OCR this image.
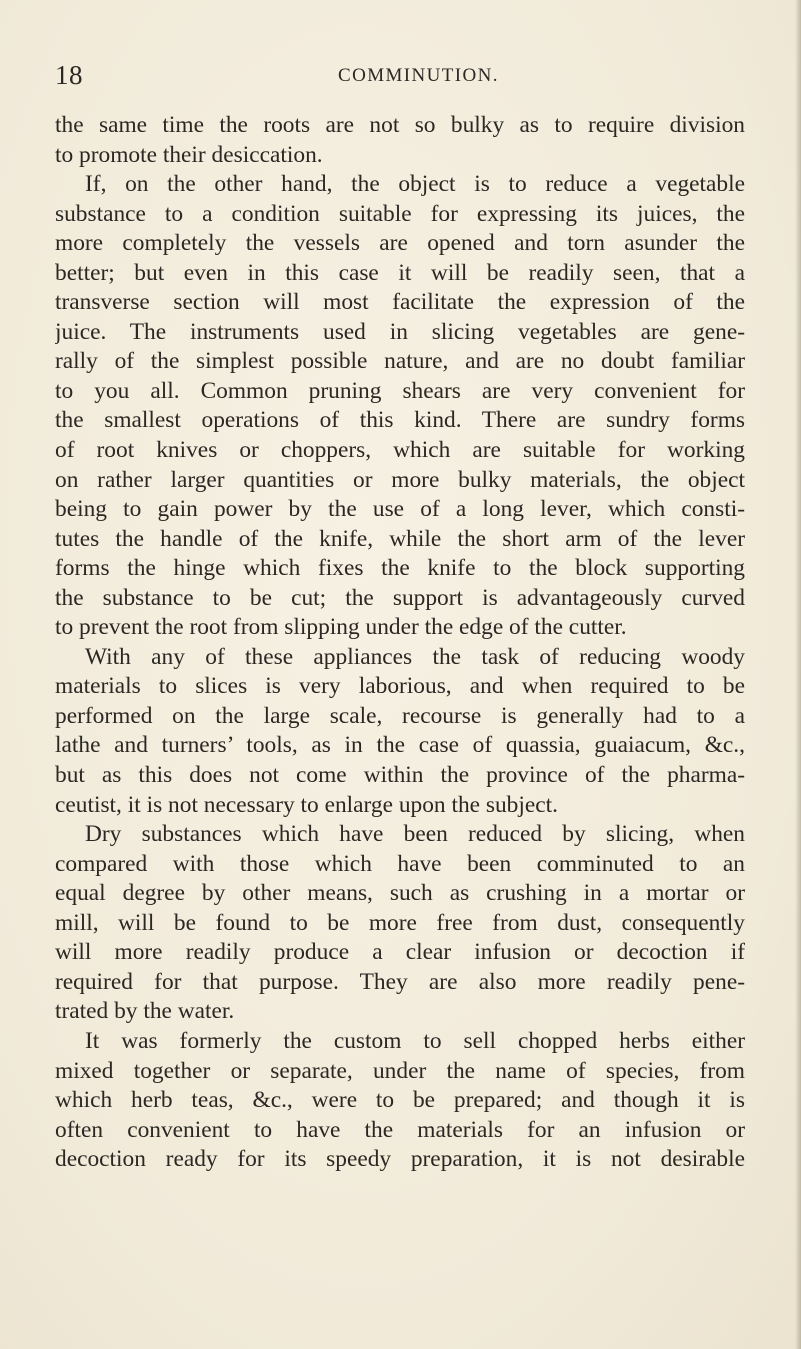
18	COMMINUTION.
the same time the roots are not so bulky as to require division
to promote their desiccation.
If, on the other hand, the object is to reduce a vegetable
substance to a condition suitable for expressing its juices, the
more completely the vessels are opened and torn asunder the
better; but even in this case it will be readily seen, that a
transverse section will most facilitate the expression of the
juice. The instruments used in slicing vegetables are gene-
rally of the simplest possible nature, and are no doubt familiar
to you all. Common pruning shears are very convenient for
the smallest operations of this kind. There are sundry forms
of root knives or choppers, which are suitable for working
on rather larger quantities or more bulky materials, the object
being to gain power by the use of a long lever, which consti-
tutes the handle of the knife, while the short arm of the lever
forms the hinge which fixes the knife to the block supporting
the substance to be cut; the support is advantageously curved
to prevent the root from slipping under the edge of the cutter.
With any of these appliances the task of reducing woody
materials to slices is very laborious, and when required to be
performed on the large scale, recourse is generally had to a
lathe and turners’ tools, as in the case of quassia, guaiacum, &c.,
but as this does not come within the province of the pharma-
ceutist, it is not necessary to enlarge upon the subject.
Dry substances which have been reduced by slicing, when
compared with those which have been comminuted to an
equal degree by other means, such as crushing in a mortar or
mill, will be found to be more free from dust, consequently
will more readily produce a clear infusion or decoction if
required for that purpose. They are also more readily pene-
trated by the water.
It was formerly the custom to sell chopped herbs either
mixed together or separate, under the name of species, from
which herb teas, &c., were to be prepared; and though it is
often convenient to have the materials for an infusion or
decoction ready for its speedy preparation, it is not desirable
